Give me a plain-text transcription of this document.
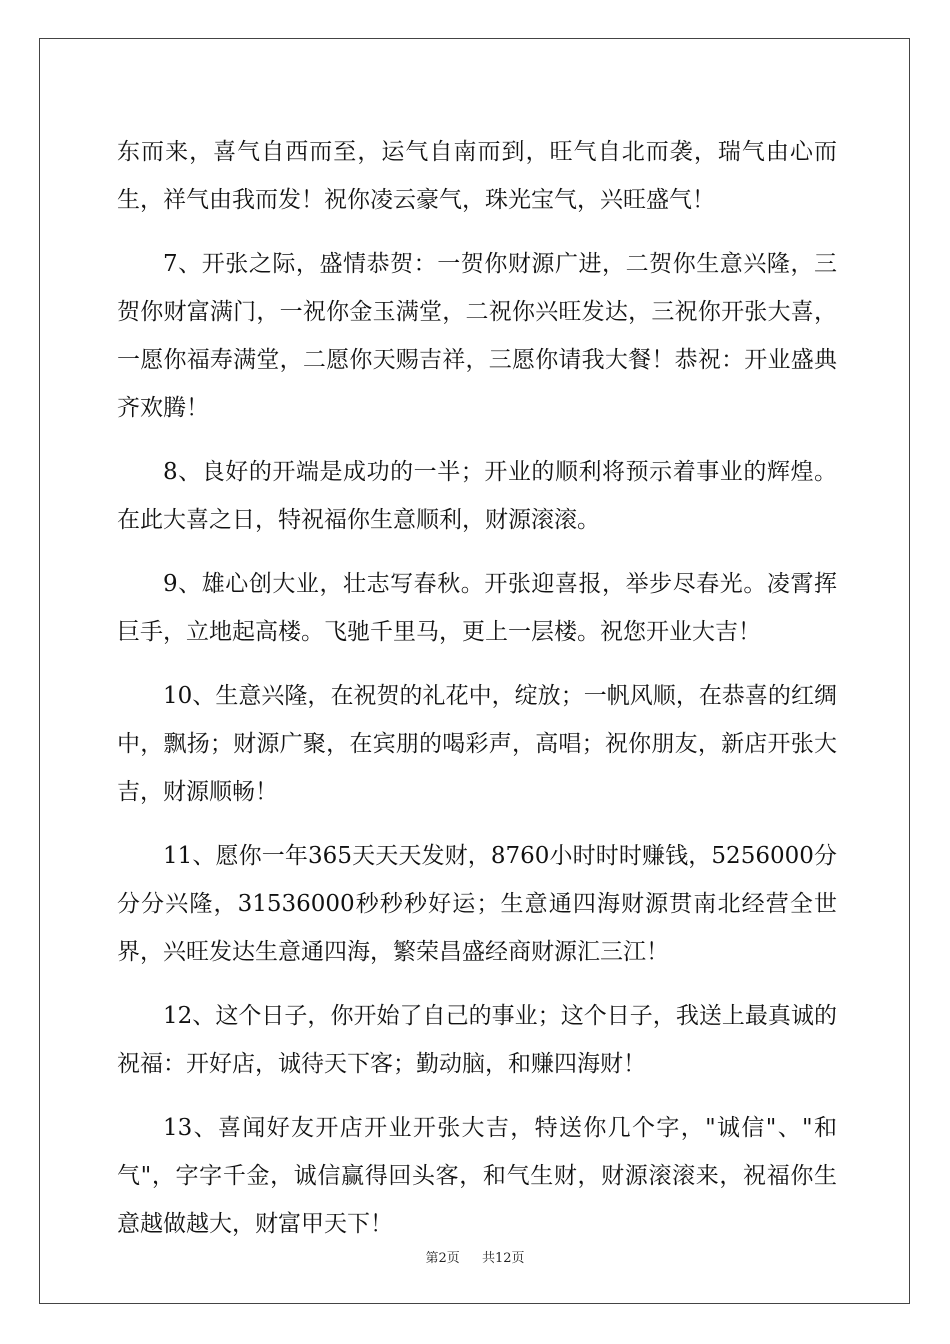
东而来，喜气自西而至，运气自南而到，旺气自北而袭，瑞气由心而生，祥气由我而发！祝你凌云豪气，珠光宝气，兴旺盛气！

7、开张之际，盛情恭贺：一贺你财源广进，二贺你生意兴隆，三贺你财富满门，一祝你金玉满堂，二祝你兴旺发达，三祝你开张大喜，一愿你福寿满堂，二愿你天赐吉祥，三愿你请我大餐！恭祝：开业盛典齐欢腾！

8、良好的开端是成功的一半；开业的顺利将预示着事业的辉煌。在此大喜之日，特祝福你生意顺利，财源滚滚。

9、雄心创大业，壮志写春秋。开张迎喜报，举步尽春光。凌霄挥巨手，立地起高楼。飞驰千里马，更上一层楼。祝您开业大吉！

10、生意兴隆，在祝贺的礼花中，绽放；一帆风顺，在恭喜的红绸中，飘扬；财源广聚，在宾朋的喝彩声，高唱；祝你朋友，新店开张大吉，财源顺畅！

11、愿你一年365天天天发财，8760小时时时赚钱，5256000分分分兴隆，31536000秒秒秒好运；生意通四海财源贯南北经营全世界，兴旺发达生意通四海，繁荣昌盛经商财源汇三江！

12、这个日子，你开始了自己的事业；这个日子，我送上最真诚的祝福：开好店，诚待天下客；勤动脑，和赚四海财！

13、喜闻好友开店开业开张大吉，特送你几个字，"诚信"、"和气"，字字千金，诚信赢得回头客，和气生财，财源滚滚来，祝福你生意越做越大，财富甲天下！

第2页 共12页
